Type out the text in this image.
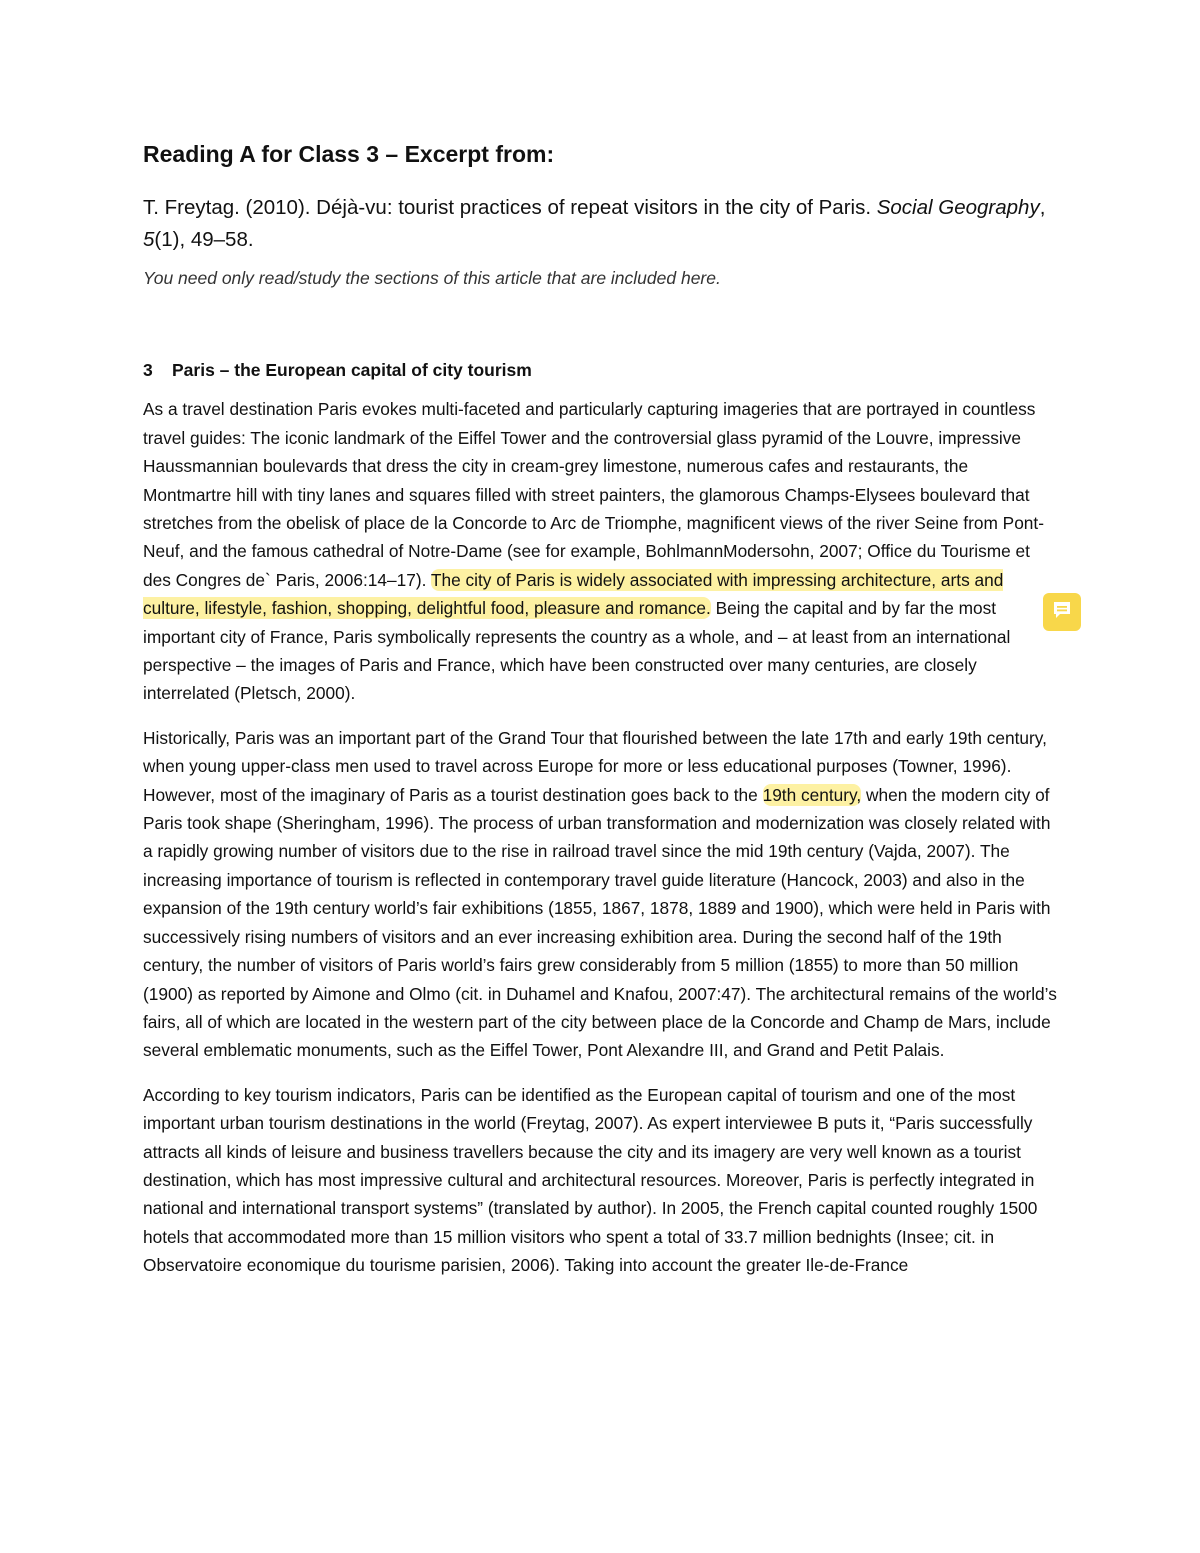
Reading A for Class 3 – Excerpt from:

T. Freytag. (2010). Déjà-vu: tourist practices of repeat visitors in the city of Paris. Social Geography, 5(1), 49–58.

You need only read/study the sections of this article that are included here.

3 Paris – the European capital of city tourism

As a travel destination Paris evokes multi-faceted and particularly capturing imageries that are portrayed in countless travel guides: The iconic landmark of the Eiffel Tower and the controversial glass pyramid of the Louvre, impressive Haussmannian boulevards that dress the city in cream-grey limestone, numerous cafes and restaurants, the Montmartre hill with tiny lanes and squares filled with street painters, the glamorous Champs-Elysees boulevard that stretches from the obelisk of place de la Concorde to Arc de Triomphe, magnificent views of the river Seine from Pont-Neuf, and the famous cathedral of Notre-Dame (see for example, BohlmannModersohn, 2007; Office du Tourisme et des Congres de` Paris, 2006:14–17). The city of Paris is widely associated with impressing architecture, arts and culture, lifestyle, fashion, shopping, delightful food, pleasure and romance. Being the capital and by far the most important city of France, Paris symbolically represents the country as a whole, and – at least from an international perspective – the images of Paris and France, which have been constructed over many centuries, are closely interrelated (Pletsch, 2000).

Historically, Paris was an important part of the Grand Tour that flourished between the late 17th and early 19th century, when young upper-class men used to travel across Europe for more or less educational purposes (Towner, 1996). However, most of the imaginary of Paris as a tourist destination goes back to the 19th century, when the modern city of Paris took shape (Sheringham, 1996). The process of urban transformation and modernization was closely related with a rapidly growing number of visitors due to the rise in railroad travel since the mid 19th century (Vajda, 2007). The increasing importance of tourism is reflected in contemporary travel guide literature (Hancock, 2003) and also in the expansion of the 19th century world’s fair exhibitions (1855, 1867, 1878, 1889 and 1900), which were held in Paris with successively rising numbers of visitors and an ever increasing exhibition area. During the second half of the 19th century, the number of visitors of Paris world’s fairs grew considerably from 5 million (1855) to more than 50 million (1900) as reported by Aimone and Olmo (cit. in Duhamel and Knafou, 2007:47). The architectural remains of the world’s fairs, all of which are located in the western part of the city between place de la Concorde and Champ de Mars, include several emblematic monuments, such as the Eiffel Tower, Pont Alexandre III, and Grand and Petit Palais.

According to key tourism indicators, Paris can be identified as the European capital of tourism and one of the most important urban tourism destinations in the world (Freytag, 2007). As expert interviewee B puts it, “Paris successfully attracts all kinds of leisure and business travellers because the city and its imagery are very well known as a tourist destination, which has most impressive cultural and architectural resources. Moreover, Paris is perfectly integrated in national and international transport systems” (translated by author). In 2005, the French capital counted roughly 1500 hotels that accommodated more than 15 million visitors who spent a total of 33.7 million bednights (Insee; cit. in Observatoire economique du tourisme parisien, 2006). Taking into account the greater Ile-de-France
